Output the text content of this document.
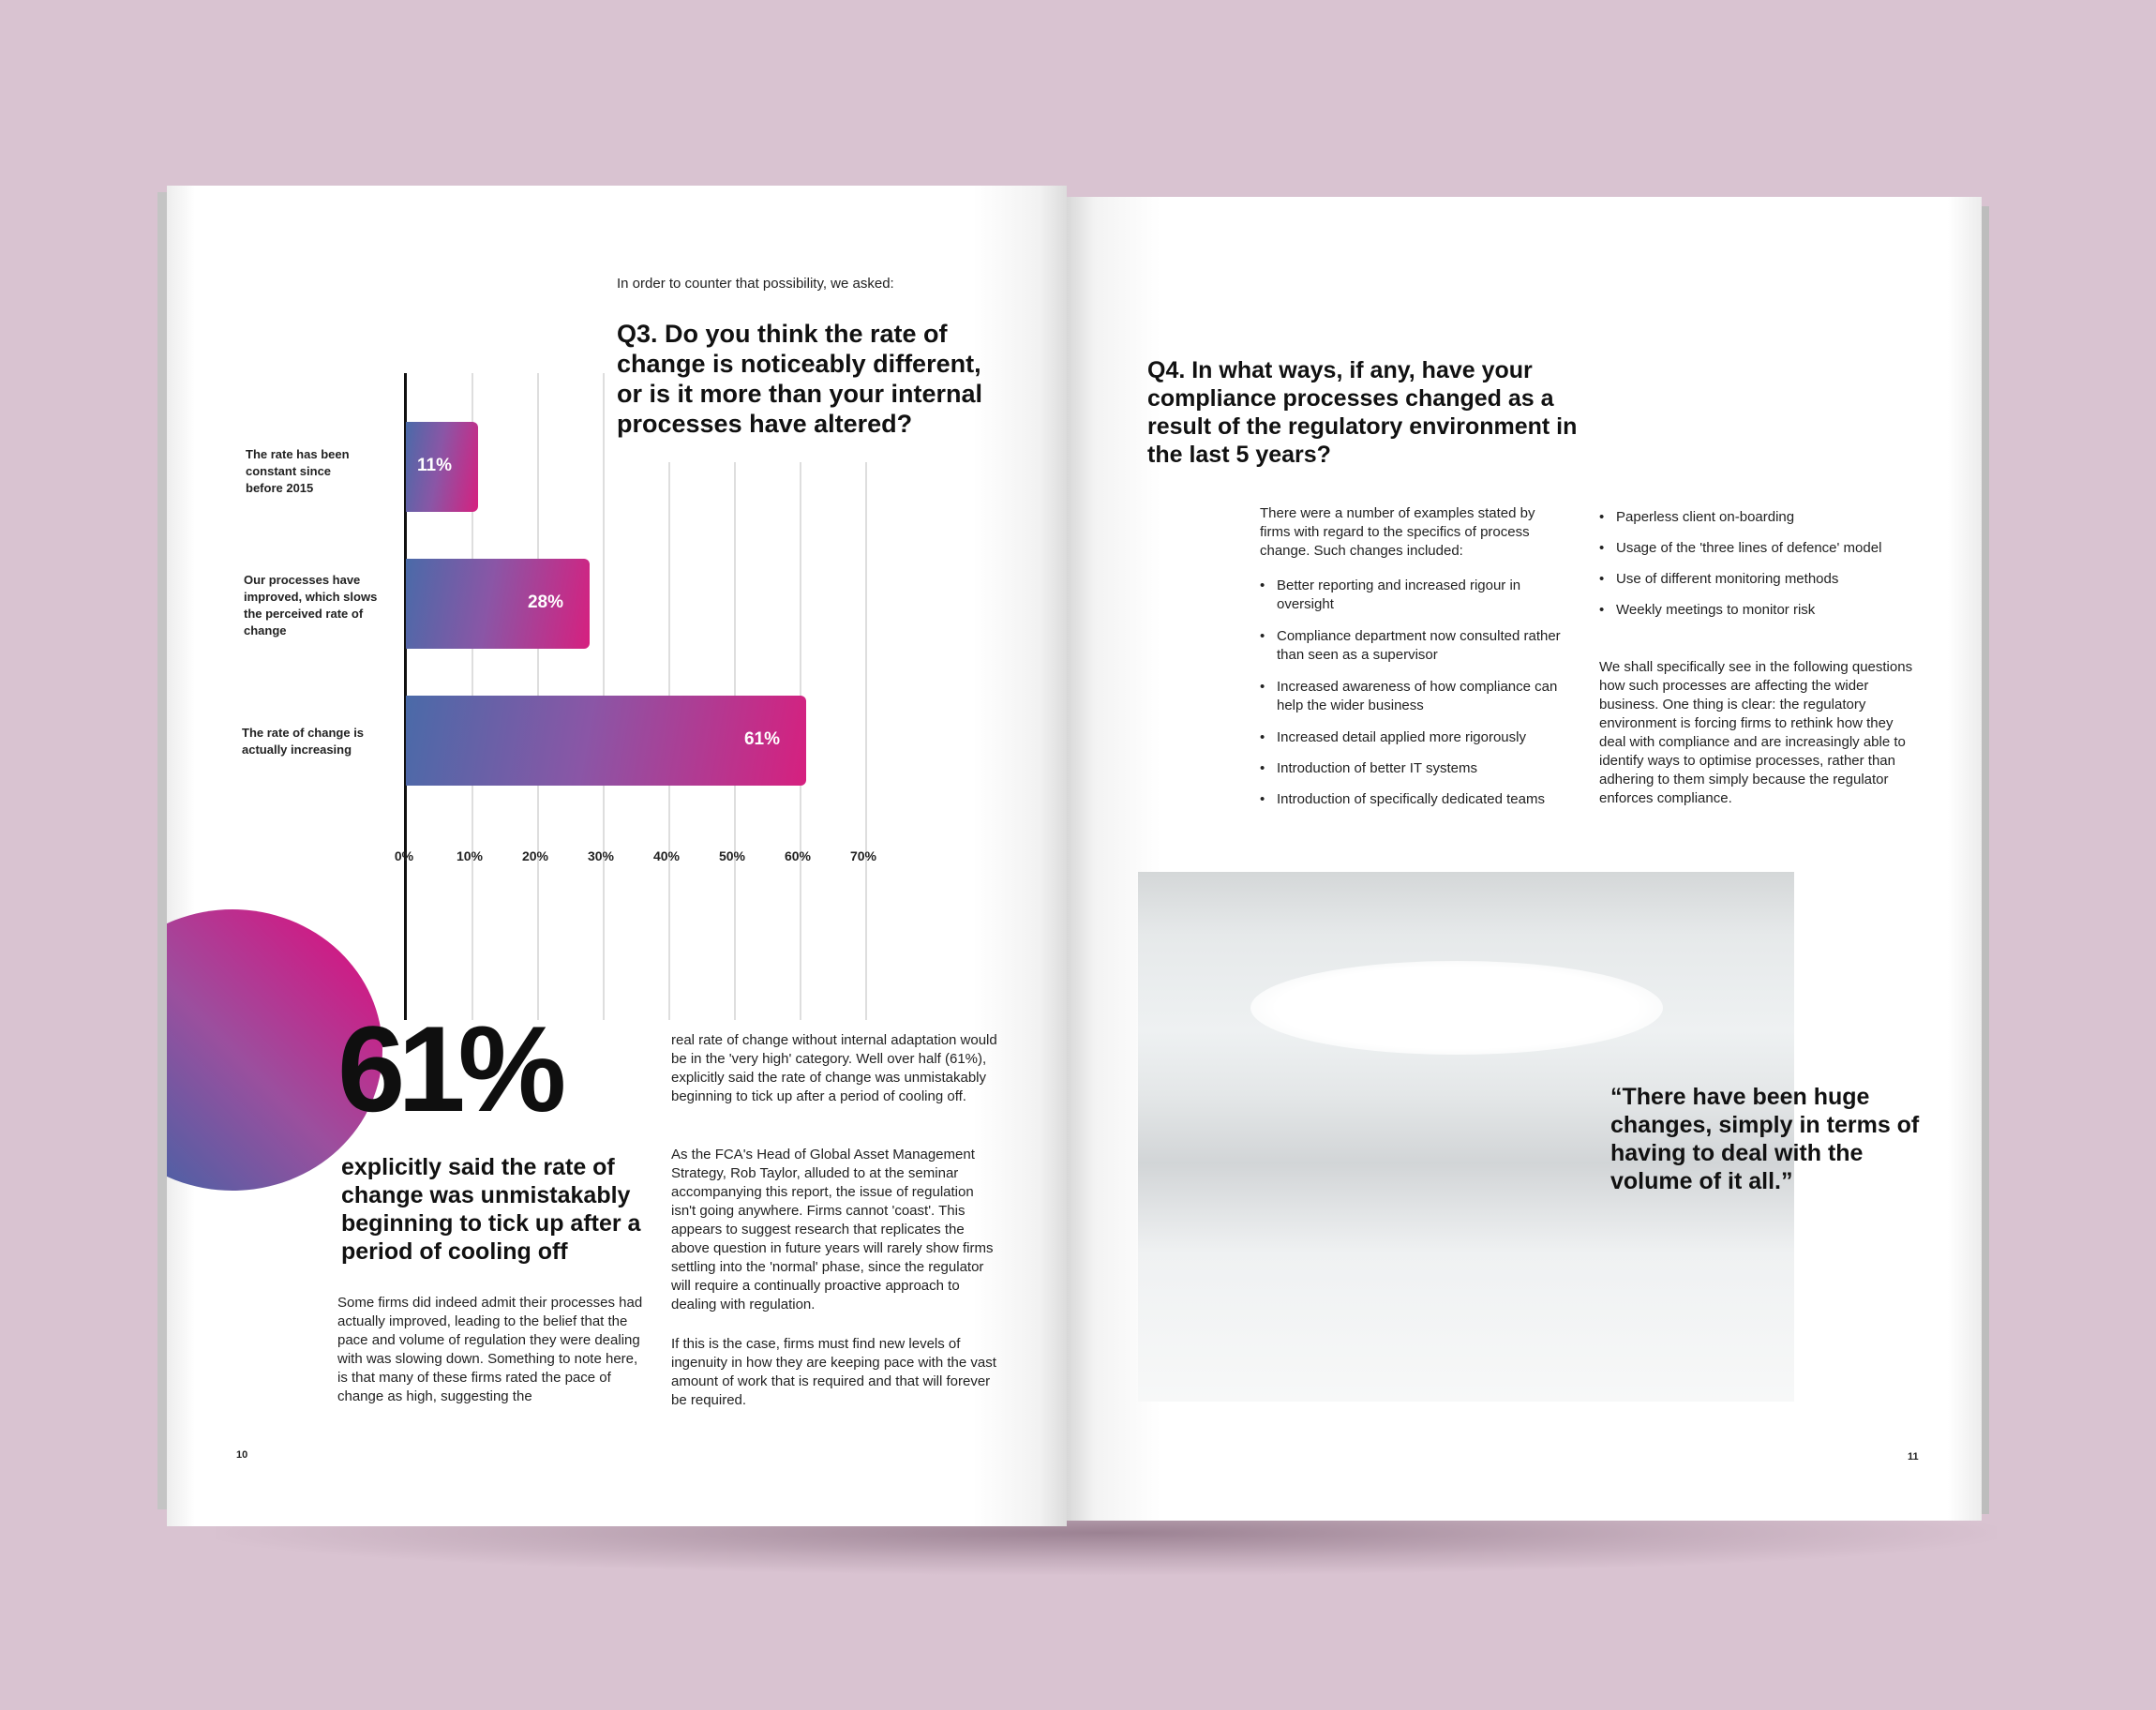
In order to counter that possibility, we asked:
Q3. Do you think the rate of change is noticeably different, or is it more than your internal processes have altered?
11%
28%
61%
The rate has been constant since before 2015
Our processes have improved, which slows the perceived rate of change
The rate of change is actually increasing
0%	10%	20%	30%	40%	50%	60%	70%
61%
explicitly said the rate of change was unmistakably beginning to tick up after a period of cooling off
Some firms did indeed admit their processes had actually improved, leading to the belief that the pace and volume of regulation they were dealing with was slowing down. Something to note here, is that many of these firms rated the pace of change as high, suggesting the
real rate of change without internal adaptation would be in the 'very high' category. Well over half (61%), explicitly said the rate of change was unmistakably beginning to tick up after a period of cooling off.
As the FCA's Head of Global Asset Management Strategy, Rob Taylor, alluded to at the seminar accompanying this report, the issue of regulation isn't going anywhere. Firms cannot 'coast'. This appears to suggest research that replicates the above question in future years will rarely show firms settling into the 'normal' phase, since the regulator will require a continually proactive approach to dealing with regulation.
If this is the case, firms must find new levels of ingenuity in how they are keeping pace with the vast amount of work that is required and that will forever be required.
10
Q4. In what ways, if any, have your compliance processes changed as a result of the regulatory environment in the last 5 years?
There were a number of examples stated by firms with regard to the specifics of process change. Such changes included:
• Better reporting and increased rigour in oversight
• Compliance department now consulted rather than seen as a supervisor
• Increased awareness of how compliance can help the wider business
• Increased detail applied more rigorously
• Introduction of better IT systems
• Introduction of specifically dedicated teams
• Paperless client on-boarding
• Usage of the 'three lines of defence' model
• Use of different monitoring methods
• Weekly meetings to monitor risk
We shall specifically see in the following questions how such processes are affecting the wider business. One thing is clear: the regulatory environment is forcing firms to rethink how they deal with compliance and are increasingly able to identify ways to optimise processes, rather than adhering to them simply because the regulator enforces compliance.
“There have been huge changes, simply in terms of having to deal with the volume of it all.”
11
